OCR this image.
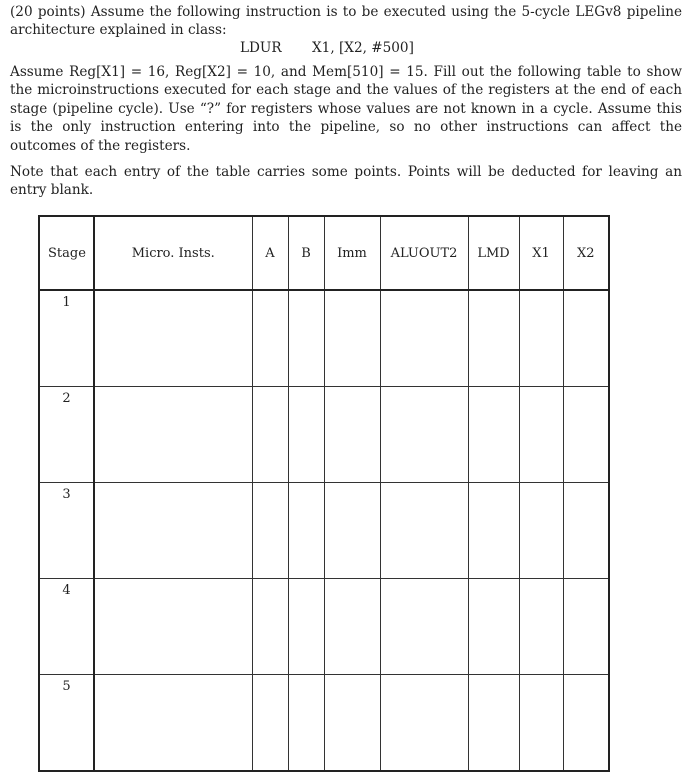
(20 points) Assume the following instruction is to be executed using the 5-cycle LEGv8 pipeline architecture explained in class:

LDUR X1, [X2, #500]

Assume Reg[X1] = 16, Reg[X2] = 10, and Mem[510] = 15. Fill out the following table to show the microinstructions executed for each stage and the values of the registers at the end of each stage (pipeline cycle). Use “?” for registers whose values are not known in a cycle. Assume this is the only instruction entering into the pipeline, so no other instructions can affect the outcomes of the registers.

Note that each entry of the table carries some points. Points will be deducted for leaving an entry blank.

Stage	Micro. Insts.	A	B	Imm	ALUOUT2	LMD	X1	X2
1								
2								
3								
4								
5								
